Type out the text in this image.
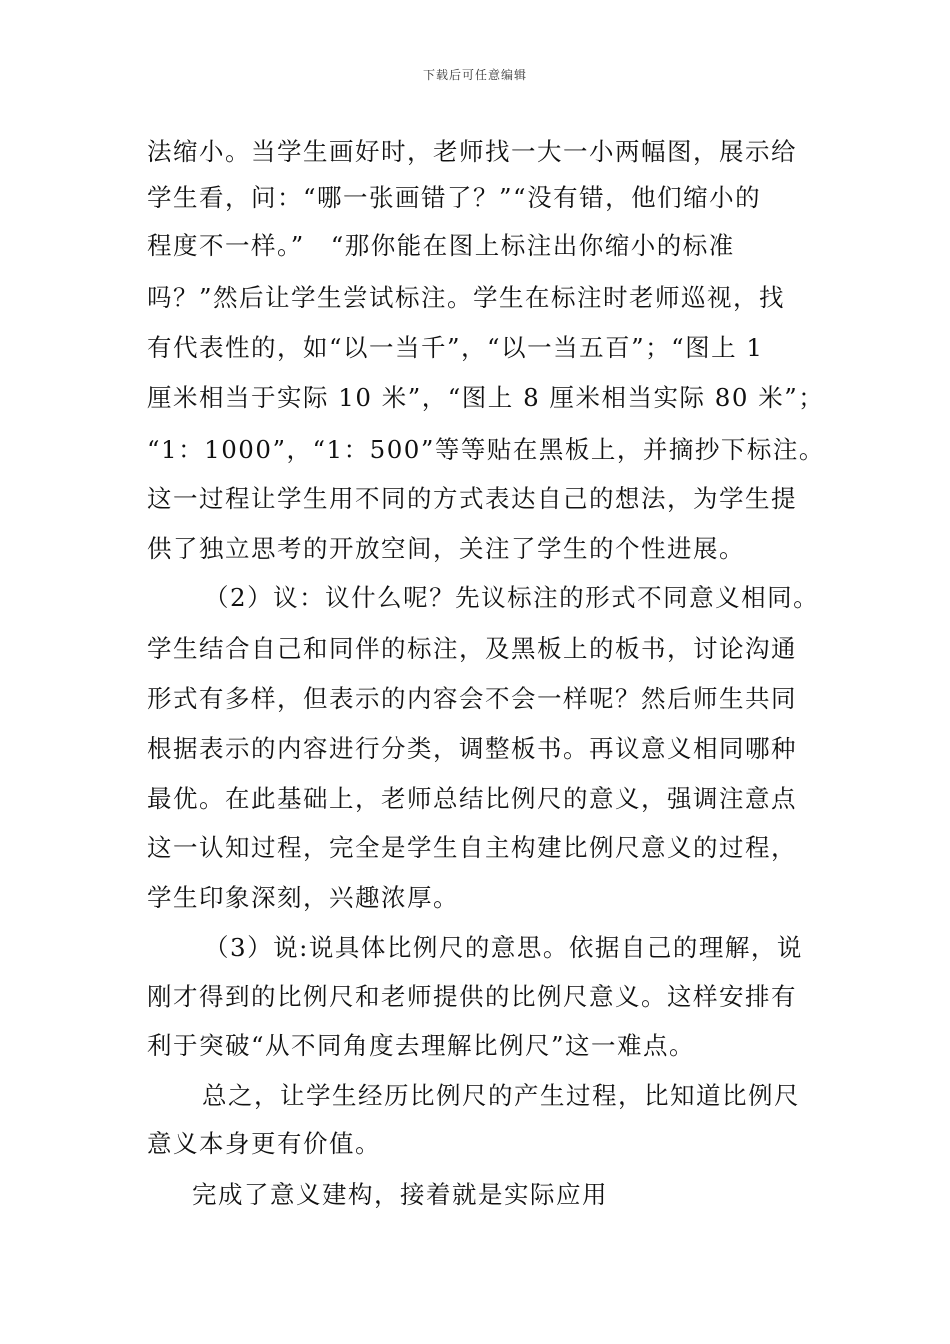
下载后可任意编辑
法缩小。当学生画好时，老师找一大一小两幅图，展示给
学生看，问：“哪一张画错了？”“没有错，他们缩小的
程度不一样。”　“那你能在图上标注出你缩小的标准
吗？”然后让学生尝试标注。学生在标注时老师巡视，找
有代表性的，如“以一当千”，“以一当五百”；“图上 1
厘米相当于实际 10 米”，“图上 8 厘米相当实际 80 米”；
“1：1000”，“1：500”等等贴在黑板上，并摘抄下标注。
这一过程让学生用不同的方式表达自己的想法，为学生提
供了独立思考的开放空间，关注了学生的个性进展。
（2）议：议什么呢？先议标注的形式不同意义相同。
学生结合自己和同伴的标注，及黑板上的板书，讨论沟通
形式有多样，但表示的内容会不会一样呢？然后师生共同
根据表示的内容进行分类，调整板书。再议意义相同哪种
最优。在此基础上，老师总结比例尺的意义，强调注意点
这一认知过程，完全是学生自主构建比例尺意义的过程，
学生印象深刻，兴趣浓厚。
（3）说:说具体比例尺的意思。依据自己的理解，说
刚才得到的比例尺和老师提供的比例尺意义。这样安排有
利于突破“从不同角度去理解比例尺”这一难点。
总之，让学生经历比例尺的产生过程，比知道比例尺
意义本身更有价值。
完成了意义建构，接着就是实际应用
